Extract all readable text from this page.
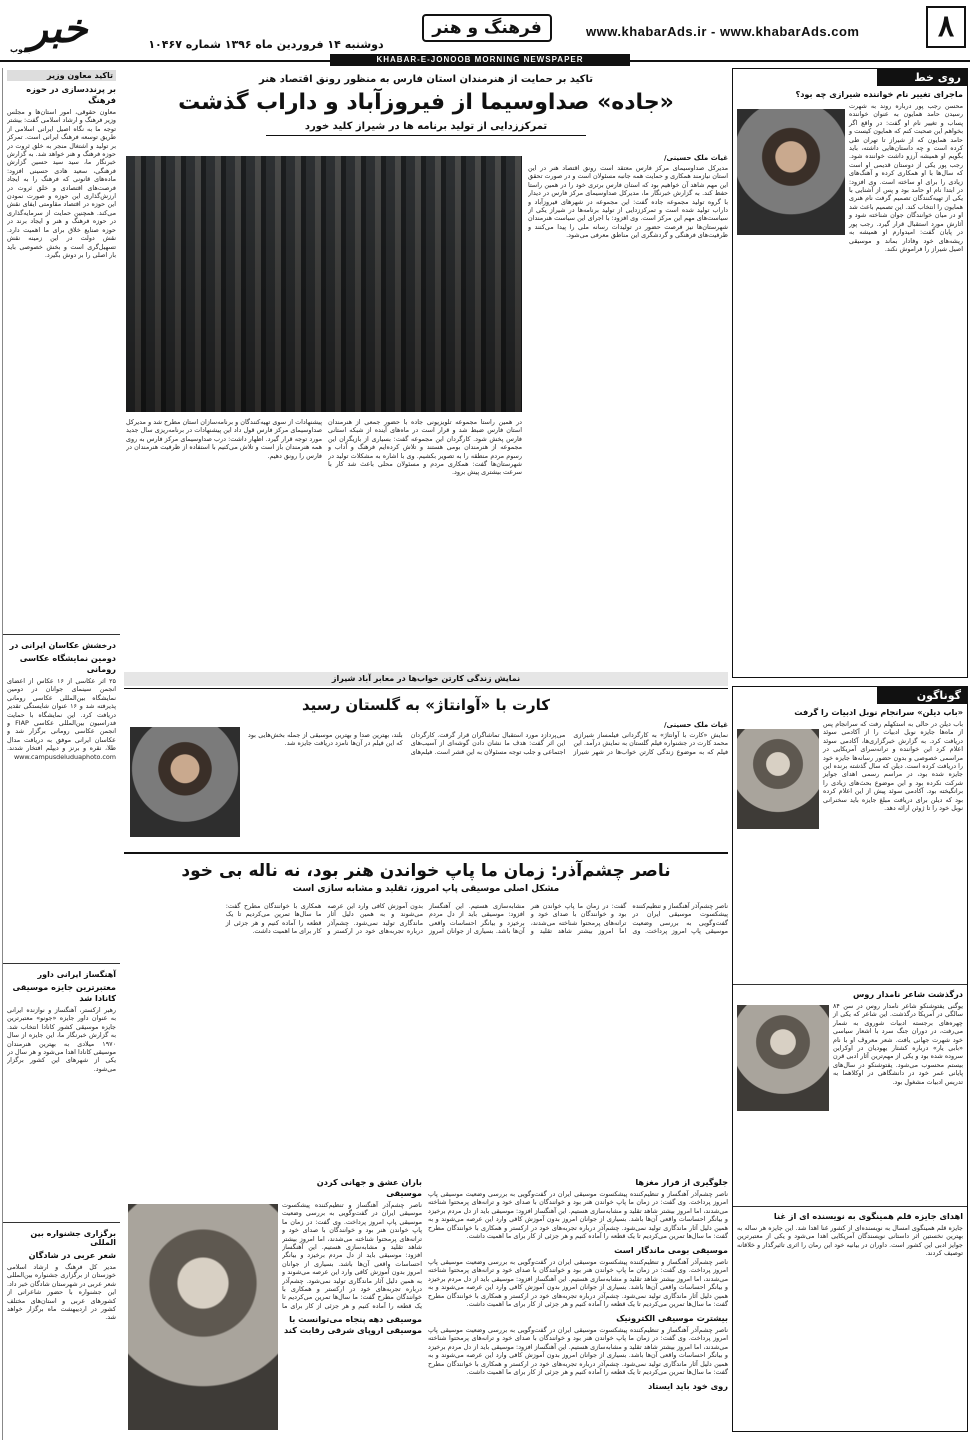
۸
www.khabarAds.ir - www.khabarAds.com
فرهنگ و هنر
دوشنبه ۱۴ فروردین ماه ۱۳۹۶ شماره ۱۰۴۶۷
خبر
جنوب
KHABAR-E-JONOOB MORNING NEWSPAPER
تاکید معاون وزیر
بر پرنددسازی در حوزه فرهنگ
معاون حقوقی، امور استان‌ها و مجلس وزیر فرهنگ و ارشاد اسلامی گفت: بیشتر توجه ما به نگاه اصیل ایرانی اسلامی از طریق توسعه فرهنگ ایرانی است. تمرکز بر تولید و اشتغال منجر به خلق ثروت در حوزه فرهنگ و هنر خواهد شد. به گزارش خبرنگار ما، سید سید حسین گزارش فرهنگی، سعید هادی حسینی افزود: ماده‌های قانونی که فرهنگ را به ایجاد فرصت‌های اقتصادی و خلق ثروت در ارزش‌گذاری این حوزه و صورت نمودن این حوزه در اقتصاد مقاومتی ایفای نقش می‌کند. همچنین حمایت از سرمایه‌گذاری در حوزه فرهنگ و هنر و ایجاد برند در حوزه صنایع خلاق برای ما اهمیت دارد. نقش دولت در این زمینه نقش تسهیل‌گری است و بخش خصوصی باید بار اصلی را بر دوش بگیرد.
درخشش عکاسان ایرانی در
دومین نمایشگاه عکاسی رومانی
۲۵ اثر عکاسی از ۱۶ عکاس از اعضای انجمن سینمای جوانان در دومین نمایشگاه بین‌المللی عکاسی رومانی پذیرفته شد و ۱۶ عنوان شایستگی تقدیر دریافت کرد. این نمایشگاه با حمایت فدراسیون بین‌المللی عکاسی FIAP و انجمن عکاسی رومانی برگزار شد و عکاسان ایرانی موفق به دریافت مدال طلا، نقره و برنز و دیپلم افتخار شدند. www.campusdeluduaphoto.com
آهنگساز ایرانی داور
معتبرترین جایزه موسیقی کانادا شد
رهبر ارکستر، آهنگساز و نوازنده ایرانی به عنوان داور جایزه «جونو» معتبرترین جایزه موسیقی کشور کانادا انتخاب شد. به گزارش خبرنگار ما، این جایزه از سال ۱۹۷۰ میلادی به بهترین هنرمندان موسیقی کانادا اهدا می‌شود و هر سال در یکی از شهرهای این کشور برگزار می‌شود.
برگزاری جشنواره بین المللی
شعر عربی در شادگان
مدیر کل فرهنگ و ارشاد اسلامی خوزستان از برگزاری جشنواره بین‌المللی شعر عربی در شهرستان شادگان خبر داد. این جشنواره با حضور شاعرانی از کشورهای عربی و استان‌های مختلف کشور در اردیبهشت ماه برگزار خواهد شد.
تاکید بر حمایت از هنرمندان استان فارس به منظور رونق اقتصاد هنر
«جاده» صداوسیما از فیروزآباد و داراب گذشت
تمرکززدایی از تولید برنامه ها در شیراز کلید خورد
غیاث ملک حسینی/
مدیرکل صداوسیمای مرکز فارس معتقد است رونق اقتصاد هنر در این استان نیازمند همکاری و حمایت همه جانبه مسئولان است و در صورت تحقق این مهم شاهد آن خواهیم بود که استان فارس برتری خود را در همین راستا حفظ کند. به گزارش خبرنگار ما، مدیرکل صداوسیمای مرکز فارس در دیدار با گروه تولید مجموعه جاده گفت: این مجموعه در شهرهای فیروزآباد و داراب تولید شده است و تمرکززدایی از تولید برنامه‌ها در شیراز یکی از سیاست‌های مهم این مرکز است. وی افزود: با اجرای این سیاست هنرمندان شهرستان‌ها نیز فرصت حضور در تولیدات رسانه ملی را پیدا می‌کنند و ظرفیت‌های فرهنگی و گردشگری این مناطق معرفی می‌شود.
در همین راستا مجموعه تلویزیونی جاده با حضور جمعی از هنرمندان استان فارس ضبط شد و قرار است در ماه‌های آینده از شبکه استانی فارس پخش شود. کارگردان این مجموعه گفت: بسیاری از بازیگران این مجموعه از هنرمندان بومی هستند و تلاش کرده‌ایم فرهنگ و آداب و رسوم مردم منطقه را به تصویر بکشیم. وی با اشاره به مشکلات تولید در شهرستان‌ها گفت: همکاری مردم و مسئولان محلی باعث شد کار با سرعت بیشتری پیش برود.
پیشنهادات از سوی تهیه‌کنندگان و برنامه‌سازان استان مطرح شد و مدیرکل صداوسیمای مرکز فارس قول داد این پیشنهادات در برنامه‌ریزی سال جدید مورد توجه قرار گیرد. اظهار داشت: درب صداوسیمای مرکز فارس به روی همه هنرمندان باز است و تلاش می‌کنیم با استفاده از ظرفیت هنرمندان در فارس را رونق دهیم.
نمایش زندگی کارتن خواب‌ها در معابر آباد شیراز
کارت با «آوانتاژ» به گلستان رسید
غیاث ملک حسینی/
نمایش «کارت با آوانتاژ» به کارگردانی فیلمساز شیرازی محمد کارت در جشنواره فیلم گلستان به نمایش درآمد. این فیلم که به موضوع زندگی کارتن خواب‌ها در شهر شیراز می‌پردازد مورد استقبال تماشاگران قرار گرفت. کارگردان این اثر گفت: هدف ما نشان دادن گوشه‌ای از آسیب‌های اجتماعی و جلب توجه مسئولان به این قشر است. فیلم‌های بلند، بهترین صدا و بهترین موسیقی از جمله بخش‌هایی بود که این فیلم در آن‌ها نامزد دریافت جایزه شد.
ناصر چشم‌آذر: زمان ما پاپ خواندن هنر بود، نه ناله بی خود
مشکل اصلی موسیقی پاپ امروز، تقلید و مشابه سازی است
ناصر چشم‌آذر آهنگساز و تنظیم‌کننده پیشکسوت موسیقی ایران در گفت‌وگویی به بررسی وضعیت موسیقی پاپ امروز پرداخت. وی گفت: در زمان ما پاپ خواندن هنر بود و خوانندگان با صدای خود و ترانه‌های پرمحتوا شناخته می‌شدند، اما امروز بیشتر شاهد تقلید و مشابه‌سازی هستیم. این آهنگساز افزود: موسیقی باید از دل مردم برخیزد و بیانگر احساسات واقعی آن‌ها باشد. بسیاری از جوانان امروز بدون آموزش کافی وارد این عرصه می‌شوند و به همین دلیل آثار ماندگاری تولید نمی‌شود. چشم‌آذر درباره تجربه‌های خود در ارکستر و همکاری با خوانندگان مطرح گفت: ما سال‌ها تمرین می‌کردیم تا یک قطعه را آماده کنیم و هر جزئی از کار برای ما اهمیت داشت.
جلوگیری از فرار مغزها
ناصر چشم‌آذر آهنگساز و تنظیم‌کننده پیشکسوت موسیقی ایران در گفت‌وگویی به بررسی وضعیت موسیقی پاپ امروز پرداخت. وی گفت: در زمان ما پاپ خواندن هنر بود و خوانندگان با صدای خود و ترانه‌های پرمحتوا شناخته می‌شدند، اما امروز بیشتر شاهد تقلید و مشابه‌سازی هستیم. این آهنگساز افزود: موسیقی باید از دل مردم برخیزد و بیانگر احساسات واقعی آن‌ها باشد. بسیاری از جوانان امروز بدون آموزش کافی وارد این عرصه می‌شوند و به همین دلیل آثار ماندگاری تولید نمی‌شود. چشم‌آذر درباره تجربه‌های خود در ارکستر و همکاری با خوانندگان مطرح گفت: ما سال‌ها تمرین می‌کردیم تا یک قطعه را آماده کنیم و هر جزئی از کار برای ما اهمیت داشت.
موسیقی بومی ماندگار است
ناصر چشم‌آذر آهنگساز و تنظیم‌کننده پیشکسوت موسیقی ایران در گفت‌وگویی به بررسی وضعیت موسیقی پاپ امروز پرداخت. وی گفت: در زمان ما پاپ خواندن هنر بود و خوانندگان با صدای خود و ترانه‌های پرمحتوا شناخته می‌شدند، اما امروز بیشتر شاهد تقلید و مشابه‌سازی هستیم. این آهنگساز افزود: موسیقی باید از دل مردم برخیزد و بیانگر احساسات واقعی آن‌ها باشد. بسیاری از جوانان امروز بدون آموزش کافی وارد این عرصه می‌شوند و به همین دلیل آثار ماندگاری تولید نمی‌شود. چشم‌آذر درباره تجربه‌های خود در ارکستر و همکاری با خوانندگان مطرح گفت: ما سال‌ها تمرین می‌کردیم تا یک قطعه را آماده کنیم و هر جزئی از کار برای ما اهمیت داشت.
بیشترت موسیقی الکترونیک
ناصر چشم‌آذر آهنگساز و تنظیم‌کننده پیشکسوت موسیقی ایران در گفت‌وگویی به بررسی وضعیت موسیقی پاپ امروز پرداخت. وی گفت: در زمان ما پاپ خواندن هنر بود و خوانندگان با صدای خود و ترانه‌های پرمحتوا شناخته می‌شدند، اما امروز بیشتر شاهد تقلید و مشابه‌سازی هستیم. این آهنگساز افزود: موسیقی باید از دل مردم برخیزد و بیانگر احساسات واقعی آن‌ها باشد. بسیاری از جوانان امروز بدون آموزش کافی وارد این عرصه می‌شوند و به همین دلیل آثار ماندگاری تولید نمی‌شود. چشم‌آذر درباره تجربه‌های خود در ارکستر و همکاری با خوانندگان مطرح گفت: ما سال‌ها تمرین می‌کردیم تا یک قطعه را آماده کنیم و هر جزئی از کار برای ما اهمیت داشت.
روی خود باید ایستاد
باران عشق و جهانی کردن موسیقی
ناصر چشم‌آذر آهنگساز و تنظیم‌کننده پیشکسوت موسیقی ایران در گفت‌وگویی به بررسی وضعیت موسیقی پاپ امروز پرداخت. وی گفت: در زمان ما پاپ خواندن هنر بود و خوانندگان با صدای خود و ترانه‌های پرمحتوا شناخته می‌شدند، اما امروز بیشتر شاهد تقلید و مشابه‌سازی هستیم. این آهنگساز افزود: موسیقی باید از دل مردم برخیزد و بیانگر احساسات واقعی آن‌ها باشد. بسیاری از جوانان امروز بدون آموزش کافی وارد این عرصه می‌شوند و به همین دلیل آثار ماندگاری تولید نمی‌شود. چشم‌آذر درباره تجربه‌های خود در ارکستر و همکاری با خوانندگان مطرح گفت: ما سال‌ها تمرین می‌کردیم تا یک قطعه را آماده کنیم و هر جزئی از کار برای ما
موسیقی دهه پنجاه می‌توانست با موسیقی اروپای شرقی رقابت کند
روی خط
ماجرای تغییر نام خواننده شیرازی چه بود؟
محسن رجب پور درباره روند به شهرت رسیدن حامد همایون به عنوان خواننده پساب و تغییر نام او گفت: در واقع اگر بخواهم این صحبت کنم که همایون کیست و حامد همایون که از شیراز تا تهران طی کرده است و چه داستان‌هایی داشته، باید بگویم او همیشه آرزو داشت خواننده شود. رجب پور یکی از دوستان قدیمی او است که سال‌ها با او همکاری کرده و آهنگ‌های زیادی را برای او ساخته است. وی افزود: در ابتدا نام او حامد بود و پس از آشنایی با یکی از تهیه‌کنندگان تصمیم گرفت نام هنری همایون را انتخاب کند. این تصمیم باعث شد او در میان خوانندگان جوان شناخته شود و آثارش مورد استقبال قرار گیرد. رجب پور در پایان گفت: امیدوارم او همیشه به ریشه‌های خود وفادار بماند و موسیقی اصیل شیراز را فراموش نکند.
گوناگون
«باب دیلن» سرانجام نوبل ادبیات را گرفت
باب دیلن در حالی به استکهلم رفت که سرانجام پس از ماه‌ها جایزه نوبل ادبیات را از آکادمی سوئد دریافت کرد. به گزارش خبرگزاری‌ها، آکادمی سوئد اعلام کرد این خواننده و ترانه‌سرای آمریکایی در مراسمی خصوصی و بدون حضور رسانه‌ها جایزه خود را دریافت کرده است. دیلن که سال گذشته برنده این جایزه شده بود، در مراسم رسمی اهدای جوایز شرکت نکرده بود و این موضوع بحث‌های زیادی را برانگیخته بود. آکادمی سوئد پیش از این اعلام کرده بود که دیلن برای دریافت مبلغ جایزه باید سخنرانی نوبل خود را تا ژوئن ارائه دهد.
درگذشت شاعر نامدار روس
یوگنی یفتوشنکو شاعر نامدار روس در سن ۸۴ سالگی در آمریکا درگذشت. این شاعر که یکی از چهره‌های برجسته ادبیات شوروی به شمار می‌رفت، در دوران جنگ سرد با اشعار سیاسی خود شهرت جهانی یافت. شعر معروف او با نام «بابی یار» درباره کشتار یهودیان در اوکراین سروده شده بود و یکی از مهم‌ترین آثار ادبی قرن بیستم محسوب می‌شود. یفتوشنکو در سال‌های پایانی عمر خود در دانشگاهی در اوکلاهما به تدریس ادبیات مشغول بود.
اهدای جایزه قلم همینگوی به نویسنده ای از غنا
جایزه قلم همینگوی امسال به نویسنده‌ای از کشور غنا اهدا شد. این جایزه هر ساله به بهترین نخستین اثر داستانی نویسندگان آمریکایی اهدا می‌شود و یکی از معتبرترین جوایز ادبی این کشور است. داوران در بیانیه خود این رمان را اثری تاثیرگذار و خلاقانه توصیف کردند.
